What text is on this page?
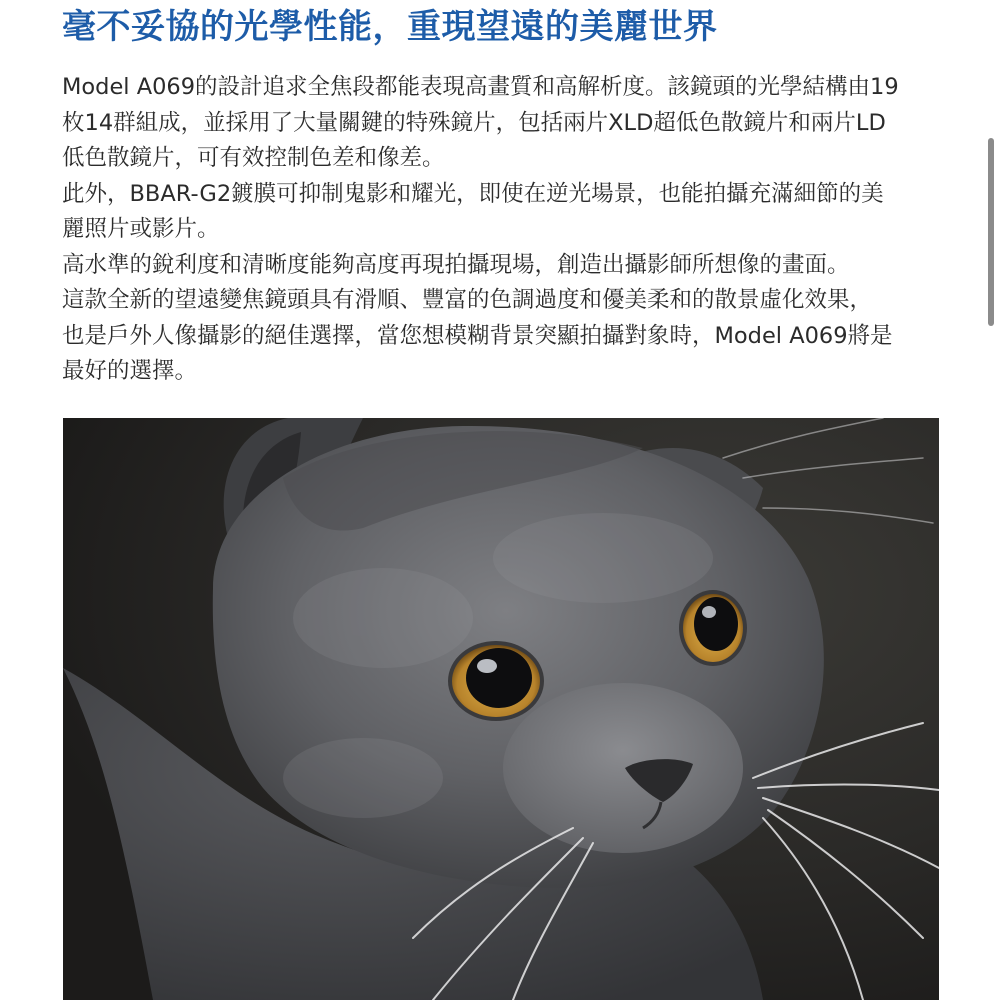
毫不妥協的光學性能，重現望遠的美麗世界

Model A069的設計追求全焦段都能表現高畫質和高解析度。該鏡頭的光學結構由19

枚14群組成，並採用了大量關鍵的特殊鏡片，包括兩片XLD超低色散鏡片和兩片LD

低色散鏡片，可有效控制色差和像差。

此外，BBAR-G2鍍膜可抑制鬼影和耀光，即使在逆光場景，也能拍攝充滿細節的美

麗照片或影片。

高水準的銳利度和清晰度能夠高度再現拍攝現場，創造出攝影師所想像的畫面。

這款全新的望遠變焦鏡頭具有滑順、豐富的色調過度和優美柔和的散景虛化效果，

也是戶外人像攝影的絕佳選擇，當您想模糊背景突顯拍攝對象時，Model A069將是

最好的選擇。
